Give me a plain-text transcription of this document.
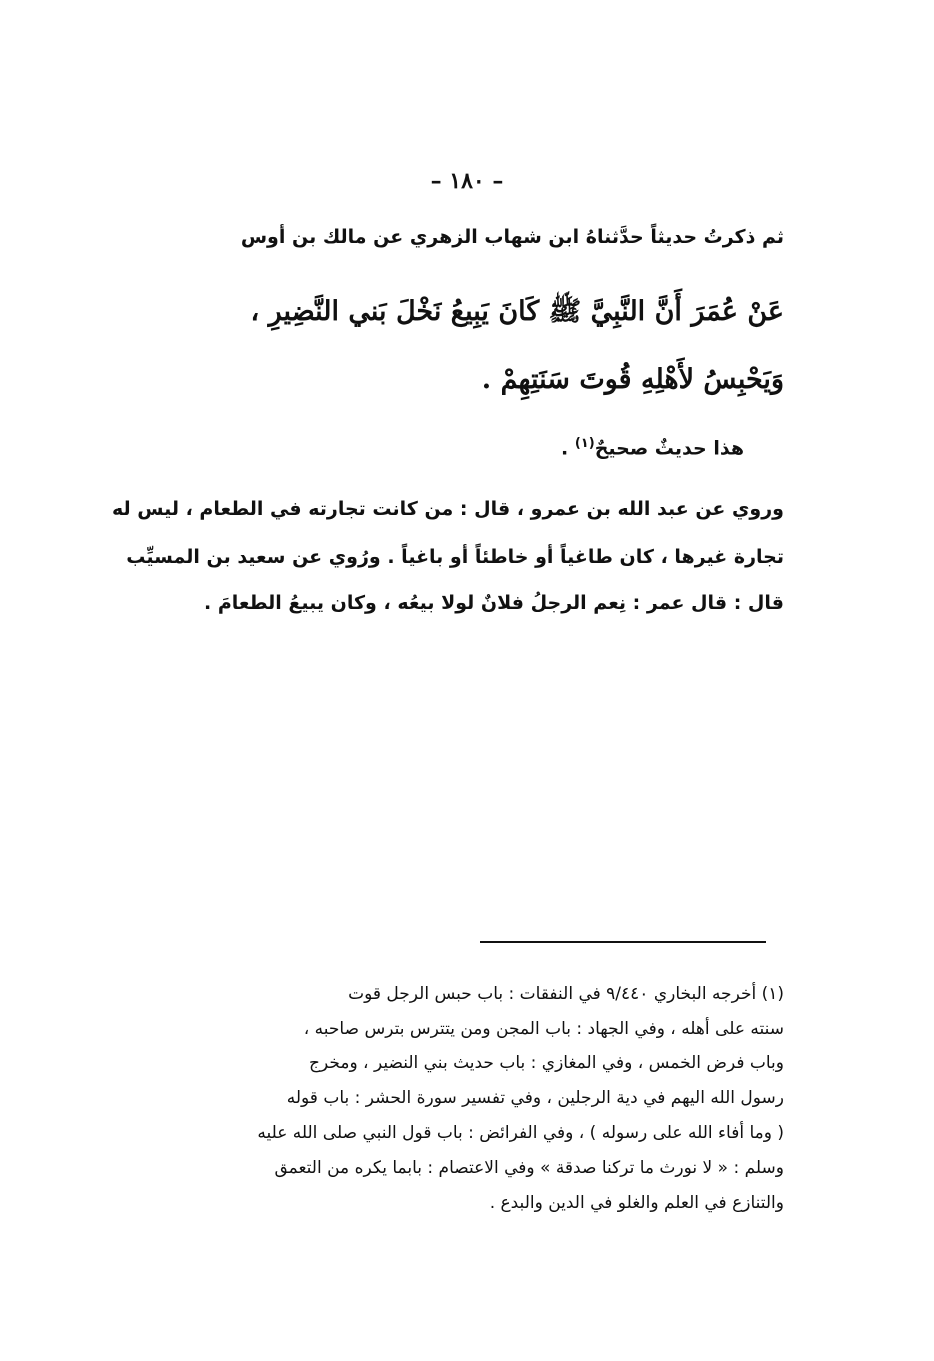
– ١٨٠ –
ثم ذكرتُ حديثاً حدَّثناهُ ابن شهاب الزهري عن مالك بن أوس
عَنْ عُمَرَ أَنَّ النَّبِيَّ ﷺ كَانَ يَبِيعُ نَخْلَ بَني النَّضِيرِ ،
وَيَحْبِسُ لأَهْلِهِ قُوتَ سَنَتِهِمْ .
هذا حديثٌ صحيحٌ$^{(١)}$ .
وروي عن عبد الله بن عمرو ، قال : من كانت تجارته في الطعام ، ليس له
تجارة غيرها ، كان طاغياً أو خاطئاً أو باغياً . ورُوي عن سعيد بن المسيِّب
قال : قال عمر : نِعم الرجلُ فلانٌ لولا بيعُه ، وكان يبيعُ الطعامَ .
(١) أخرجه البخاري ٩/٤٤٠ في النفقات : باب حبس الرجل قوت
سنته على أهله ، وفي الجهاد : باب المجن ومن يتترس بترس صاحبه ،
وباب فرض الخمس ، وفي المغازي : باب حديث بني النضير ، ومخرج
رسول الله اليهم في دية الرجلين ، وفي تفسير سورة الحشر : باب قوله
( وما أفاء الله على رسوله ) ، وفي الفرائض : باب قول النبي صلى الله عليه
وسلم : « لا نورث ما تركنا صدقة » وفي الاعتصام : بابما يكره من التعمق
والتنازع في العلم والغلو في الدين والبدع .
